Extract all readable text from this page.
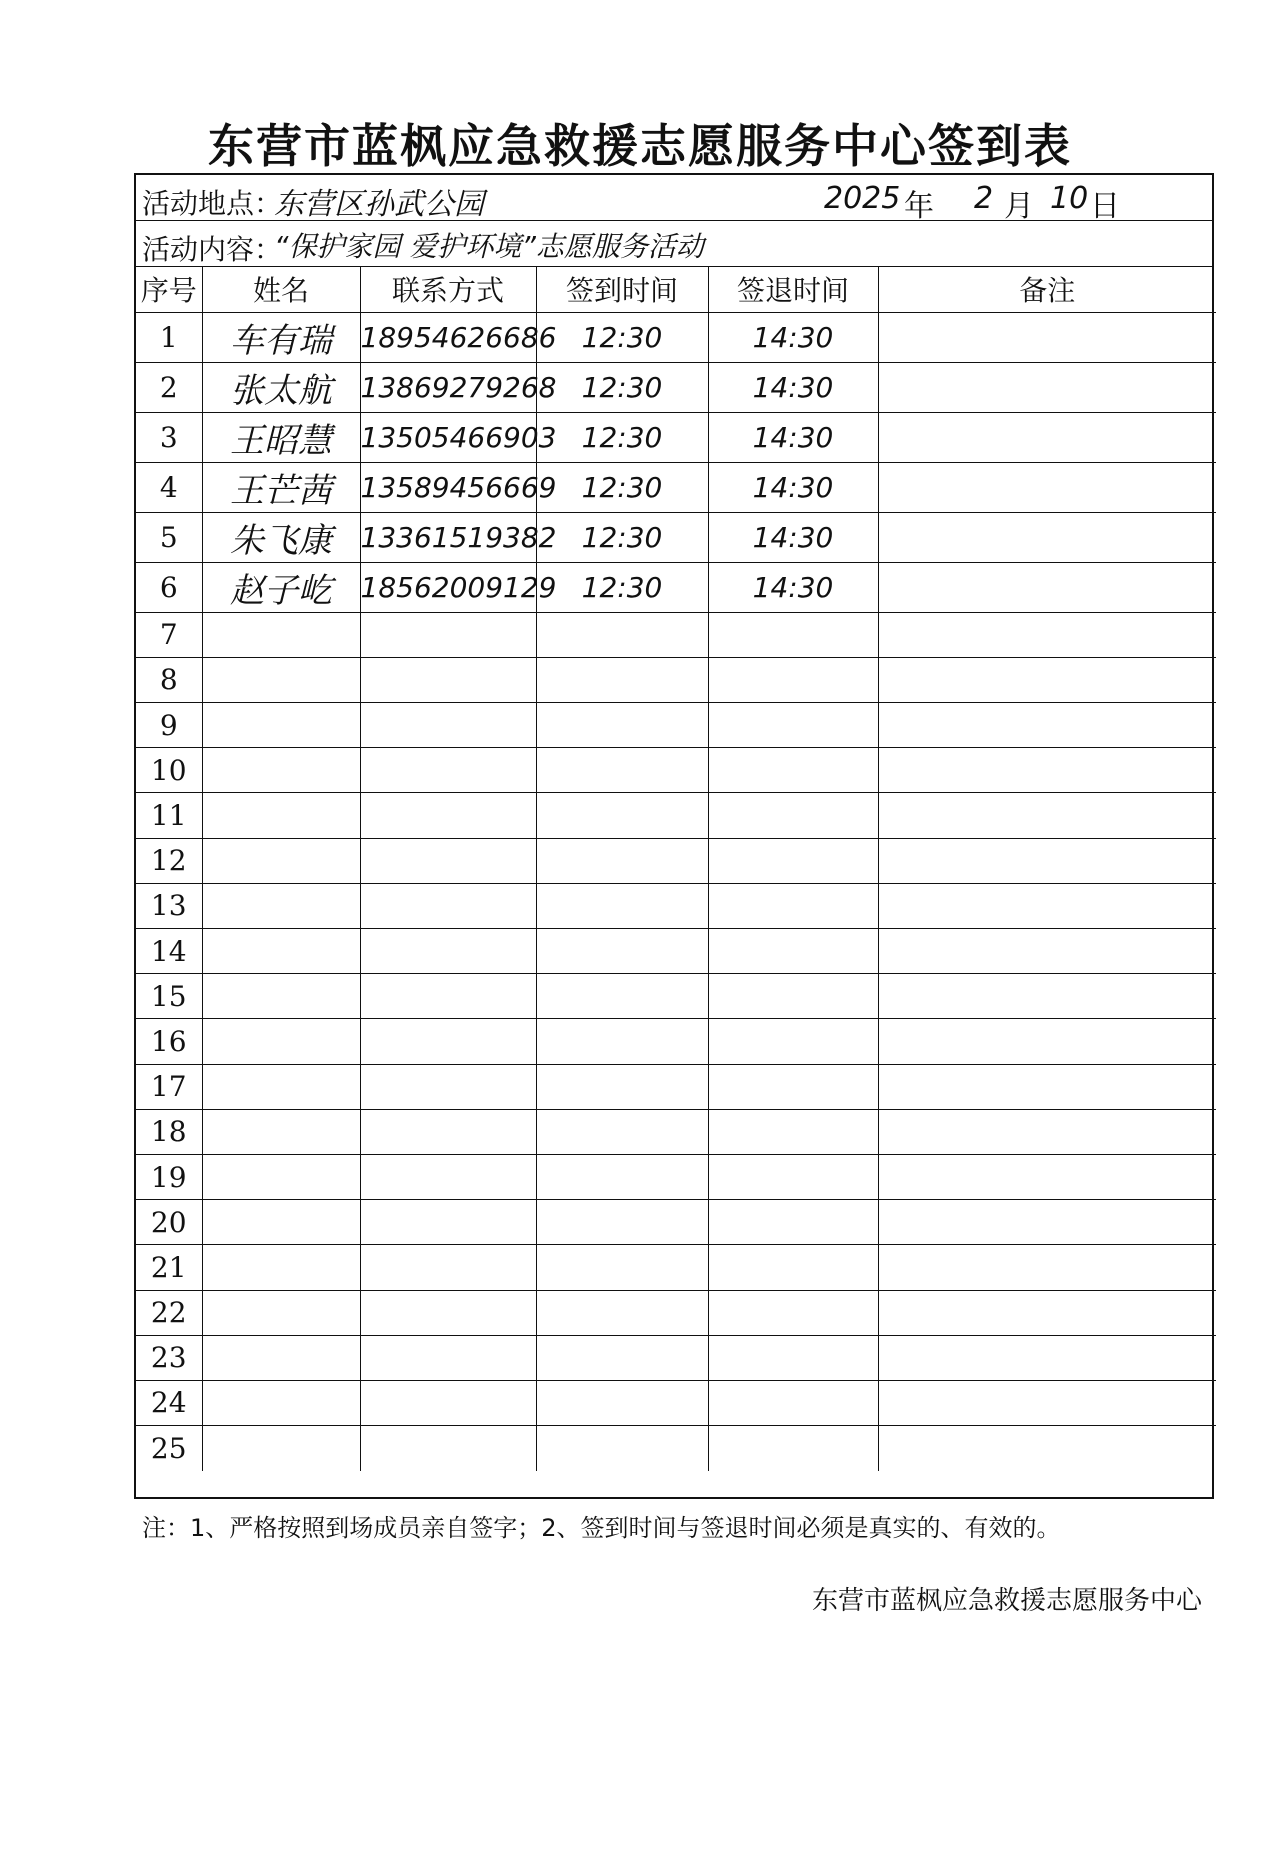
东营市蓝枫应急救援志愿服务中心签到表
活动地点：
东营区孙武公园	2025 年 2 月 10 日
活动内容：
“保护家园 爱护环境”志愿服务活动
序号	姓名	联系方式	签到时间	签退时间	备注
1	车有瑞	18954626686	12:30	14:30	
2	张太航	13869279268	12:30	14:30	
3	王昭慧	13505466903	12:30	14:30	
4	王芒茜	13589456669	12:30	14:30	
5	朱飞康	13361519382	12:30	14:30	
6	赵子屹	18562009129	12:30	14:30	
7					
8					
9					
10					
11					
12					
13					
14					
15					
16					
17					
18					
19					
20					
21					
22					
23					
24					
25					
注：1、严格按照到场成员亲自签字；2、签到时间与签退时间必须是真实的、有效的。
东营市蓝枫应急救援志愿服务中心
